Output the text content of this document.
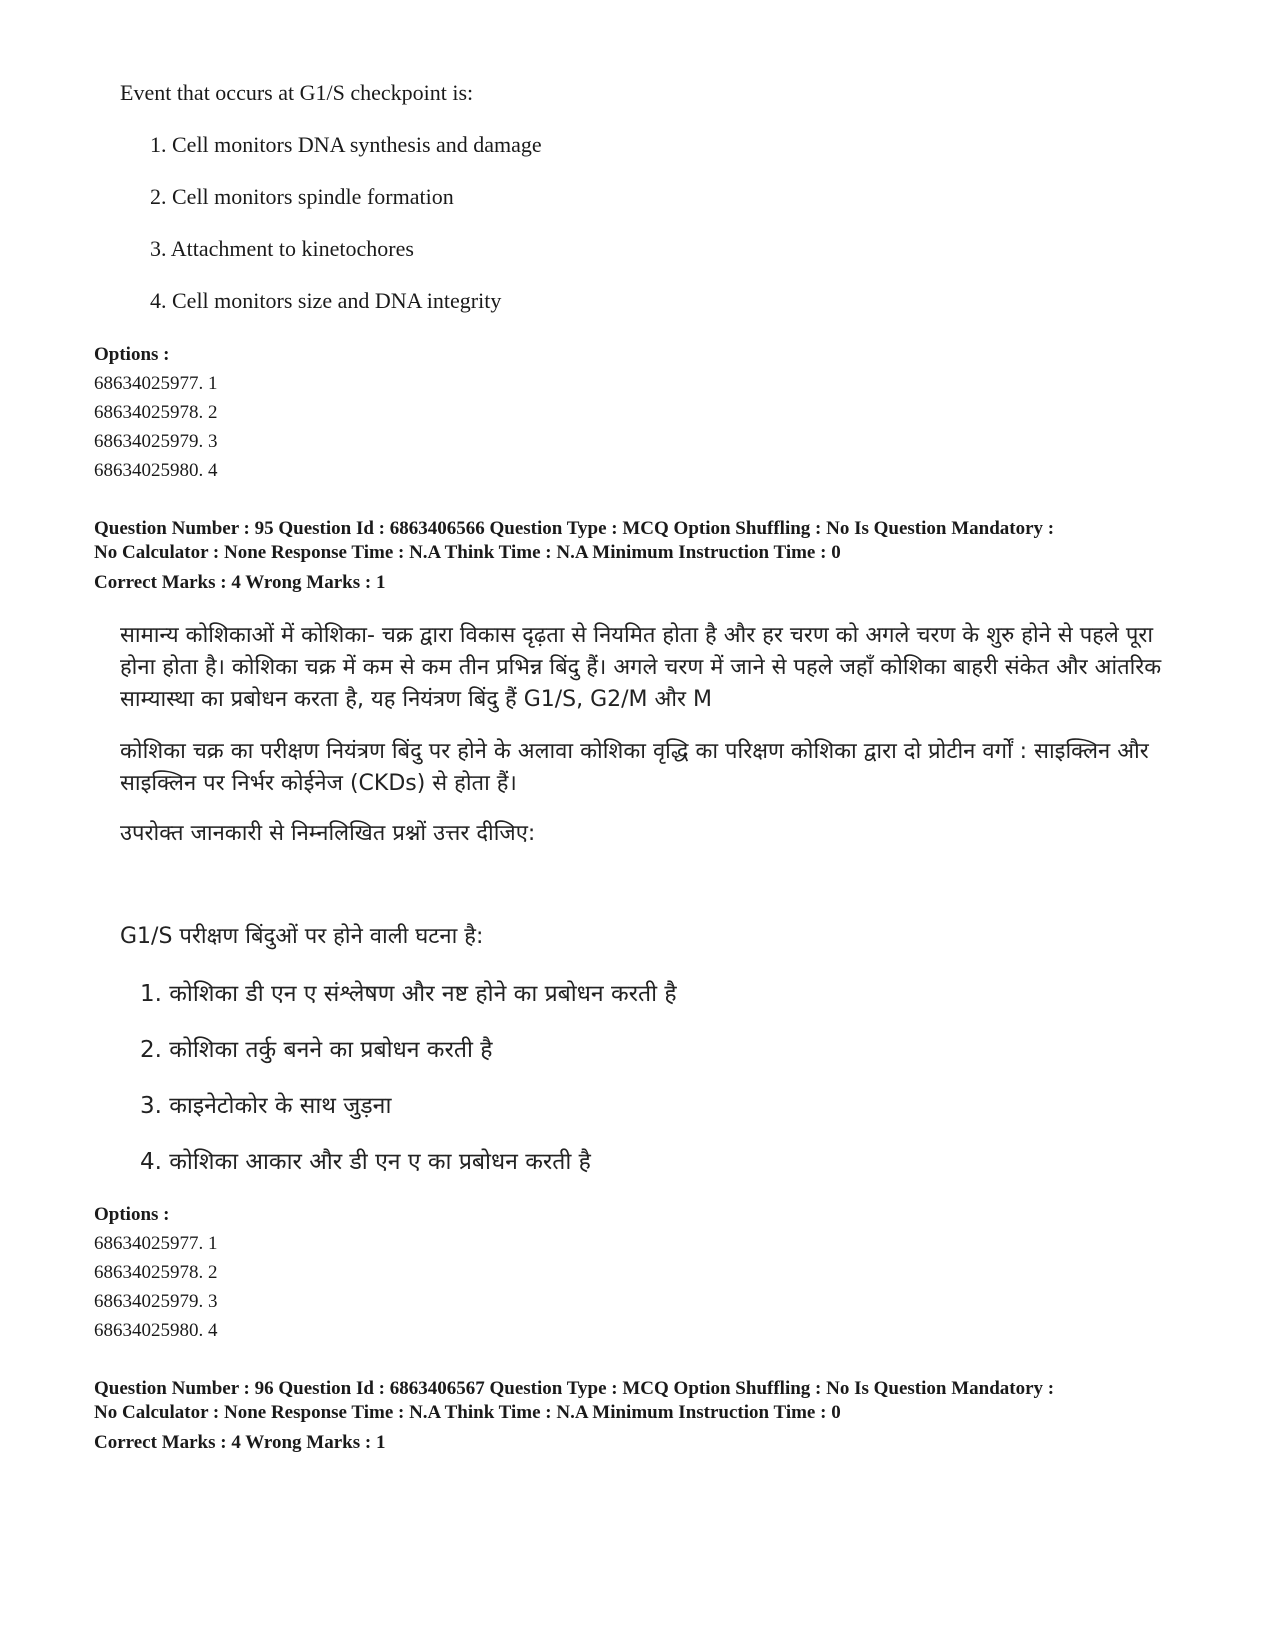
Event that occurs at G1/S checkpoint is:
1. Cell monitors DNA synthesis and damage
2. Cell monitors spindle formation
3. Attachment to kinetochores
4. Cell monitors size and DNA integrity
Options :
68634025977. 1
68634025978. 2
68634025979. 3
68634025980. 4
Question Number : 95 Question Id : 6863406566 Question Type : MCQ Option Shuffling : No Is Question Mandatory :
No Calculator : None Response Time : N.A Think Time : N.A Minimum Instruction Time : 0
Correct Marks : 4 Wrong Marks : 1
सामान्य कोशिकाओं में कोशिका- चक्र द्वारा विकास दृढ़ता से नियमित होता है और हर चरण को अगले चरण के शुरु होने से पहले पूरा होना होता है। कोशिका चक्र में कम से कम तीन प्रभिन्न बिंदु हैं। अगले चरण में जाने से पहले जहाँ कोशिका बाहरी संकेत और आंतरिक साम्यास्था का प्रबोधन करता है, यह नियंत्रण बिंदु हैं G1/S, G2/M और M
कोशिका चक्र का परीक्षण नियंत्रण बिंदु पर होने के अलावा कोशिका वृद्धि का परिक्षण कोशिका द्वारा दो प्रोटीन वर्गों : साइक्लिन और साइक्लिन पर निर्भर कोईनेज (CKDs) से होता हैं।
उपरोक्त जानकारी से निम्नलिखित प्रश्नों उत्तर दीजिए:
G1/S परीक्षण बिंदुओं पर होने वाली घटना है:
1. कोशिका डी एन ए संश्लेषण और नष्ट होने का प्रबोधन करती है
2. कोशिका तर्कु बनने का प्रबोधन करती है
3. काइनेटोकोर के साथ जुड़ना
4. कोशिका आकार और डी एन ए का प्रबोधन करती है
Options :
68634025977. 1
68634025978. 2
68634025979. 3
68634025980. 4
Question Number : 96 Question Id : 6863406567 Question Type : MCQ Option Shuffling : No Is Question Mandatory :
No Calculator : None Response Time : N.A Think Time : N.A Minimum Instruction Time : 0
Correct Marks : 4 Wrong Marks : 1
